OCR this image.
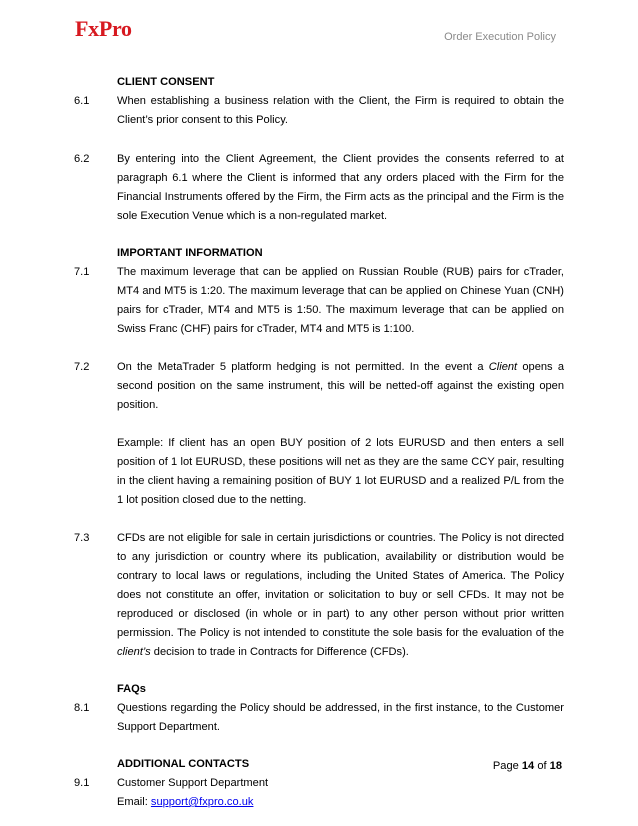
FxPro	Order Execution Policy
CLIENT CONSENT
6.1	When establishing a business relation with the Client, the Firm is required to obtain the Client’s prior consent to this Policy.
6.2	By entering into the Client Agreement, the Client provides the consents referred to at paragraph 6.1 where the Client is informed that any orders placed with the Firm for the Financial Instruments offered by the Firm, the Firm acts as the principal and the Firm is the sole Execution Venue which is a non-regulated market.
IMPORTANT INFORMATION
7.1	The maximum leverage that can be applied on Russian Rouble (RUB) pairs for cTrader, MT4 and MT5 is 1:20. The maximum leverage that can be applied on Chinese Yuan (CNH) pairs for cTrader, MT4 and MT5 is 1:50. The maximum leverage that can be applied on Swiss Franc (CHF) pairs for cTrader, MT4 and MT5 is 1:100.
7.2	On the MetaTrader 5 platform hedging is not permitted. In the event a Client opens a second position on the same instrument, this will be netted-off against the existing open position.
Example: If client has an open BUY position of 2 lots EURUSD and then enters a sell position of 1 lot EURUSD, these positions will net as they are the same CCY pair, resulting in the client having a remaining position of BUY 1 lot EURUSD and a realized P/L from the 1 lot position closed due to the netting.
7.3	CFDs are not eligible for sale in certain jurisdictions or countries. The Policy is not directed to any jurisdiction or country where its publication, availability or distribution would be contrary to local laws or regulations, including the United States of America. The Policy does not constitute an offer, invitation or solicitation to buy or sell CFDs. It may not be reproduced or disclosed (in whole or in part) to any other person without prior written permission. The Policy is not intended to constitute the sole basis for the evaluation of the client’s decision to trade in Contracts for Difference (CFDs).
FAQs
8.1	Questions regarding the Policy should be addressed, in the first instance, to the Customer Support Department.
ADDITIONAL CONTACTS
9.1	Customer Support Department
Email: support@fxpro.co.uk
Page 14 of 18
